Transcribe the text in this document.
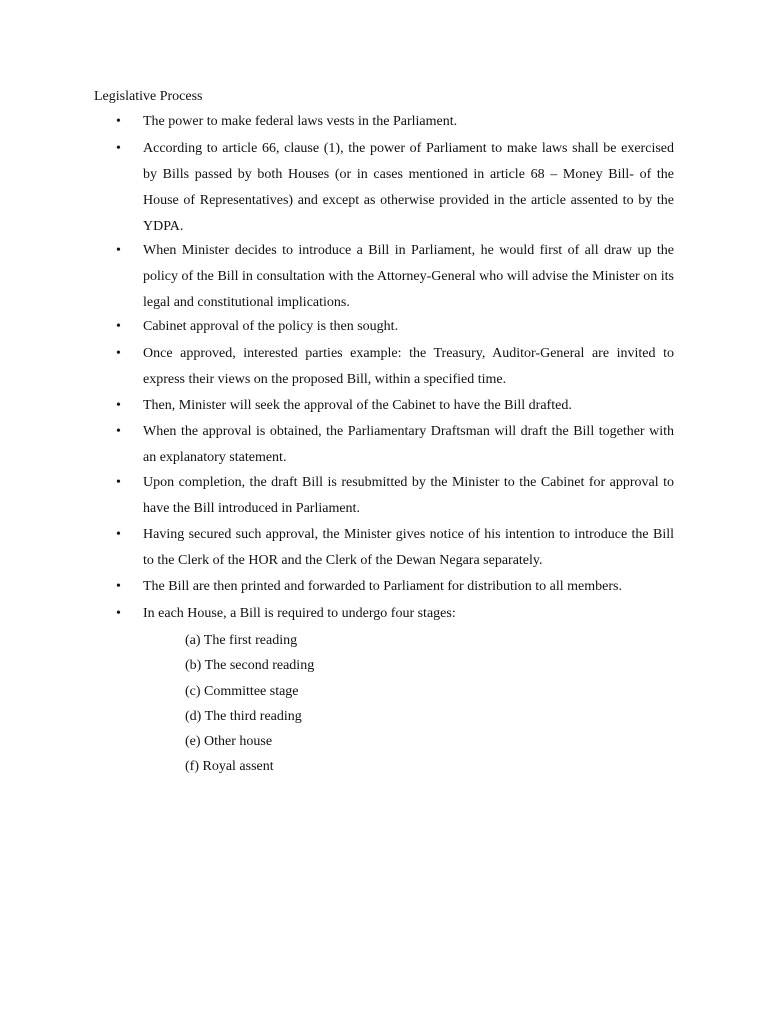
Legislative Process
• The power to make federal laws vests in the Parliament.
• According to article 66, clause (1), the power of Parliament to make laws shall be exercised by Bills passed by both Houses (or in cases mentioned in article 68 – Money Bill- of the House of Representatives) and except as otherwise provided in the article assented to by the YDPA.
• When Minister decides to introduce a Bill in Parliament, he would first of all draw up the policy of the Bill in consultation with the Attorney-General who will advise the Minister on its legal and constitutional implications.
• Cabinet approval of the policy is then sought.
• Once approved, interested parties example: the Treasury, Auditor-General are invited to express their views on the proposed Bill, within a specified time.
• Then, Minister will seek the approval of the Cabinet to have the Bill drafted.
• When the approval is obtained, the Parliamentary Draftsman will draft the Bill together with an explanatory statement.
• Upon completion, the draft Bill is resubmitted by the Minister to the Cabinet for approval to have the Bill introduced in Parliament.
• Having secured such approval, the Minister gives notice of his intention to introduce the Bill to the Clerk of the HOR and the Clerk of the Dewan Negara separately.
• The Bill are then printed and forwarded to Parliament for distribution to all members.
• In each House, a Bill is required to undergo four stages:
(a) The first reading
(b) The second reading
(c) Committee stage
(d) The third reading
(e) Other house
(f) Royal assent
